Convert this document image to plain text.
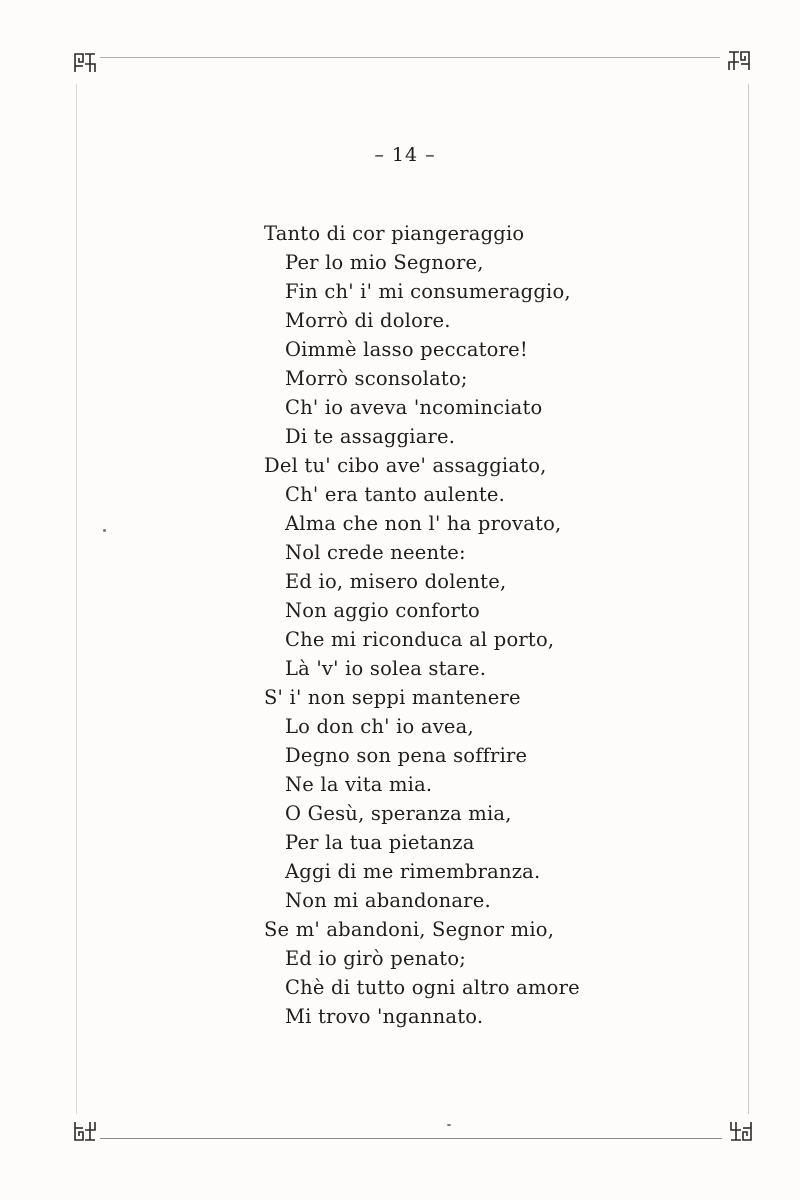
– 14 –
Tanto di cor piangeraggio
Per lo mio Segnore,
Fin ch' i' mi consumeraggio,
Morrò di dolore.
Oimmè lasso peccatore!
Morrò sconsolato;
Ch' io aveva 'ncominciato
Di te assaggiare.
Del tu' cibo ave' assaggiato,
Ch' era tanto aulente.
Alma che non l' ha provato,
Nol crede neente:
Ed io, misero dolente,
Non aggio conforto
Che mi riconduca al porto,
Là 'v' io solea stare.
S' i' non seppi mantenere
Lo don ch' io avea,
Degno son pena soffrire
Ne la vita mia.
O Gesù, speranza mia,
Per la tua pietanza
Aggi di me rimembranza.
Non mi abandonare.
Se m' abandoni, Segnor mio,
Ed io girò penato;
Chè di tutto ogni altro amore
Mi trovo 'ngannato.
